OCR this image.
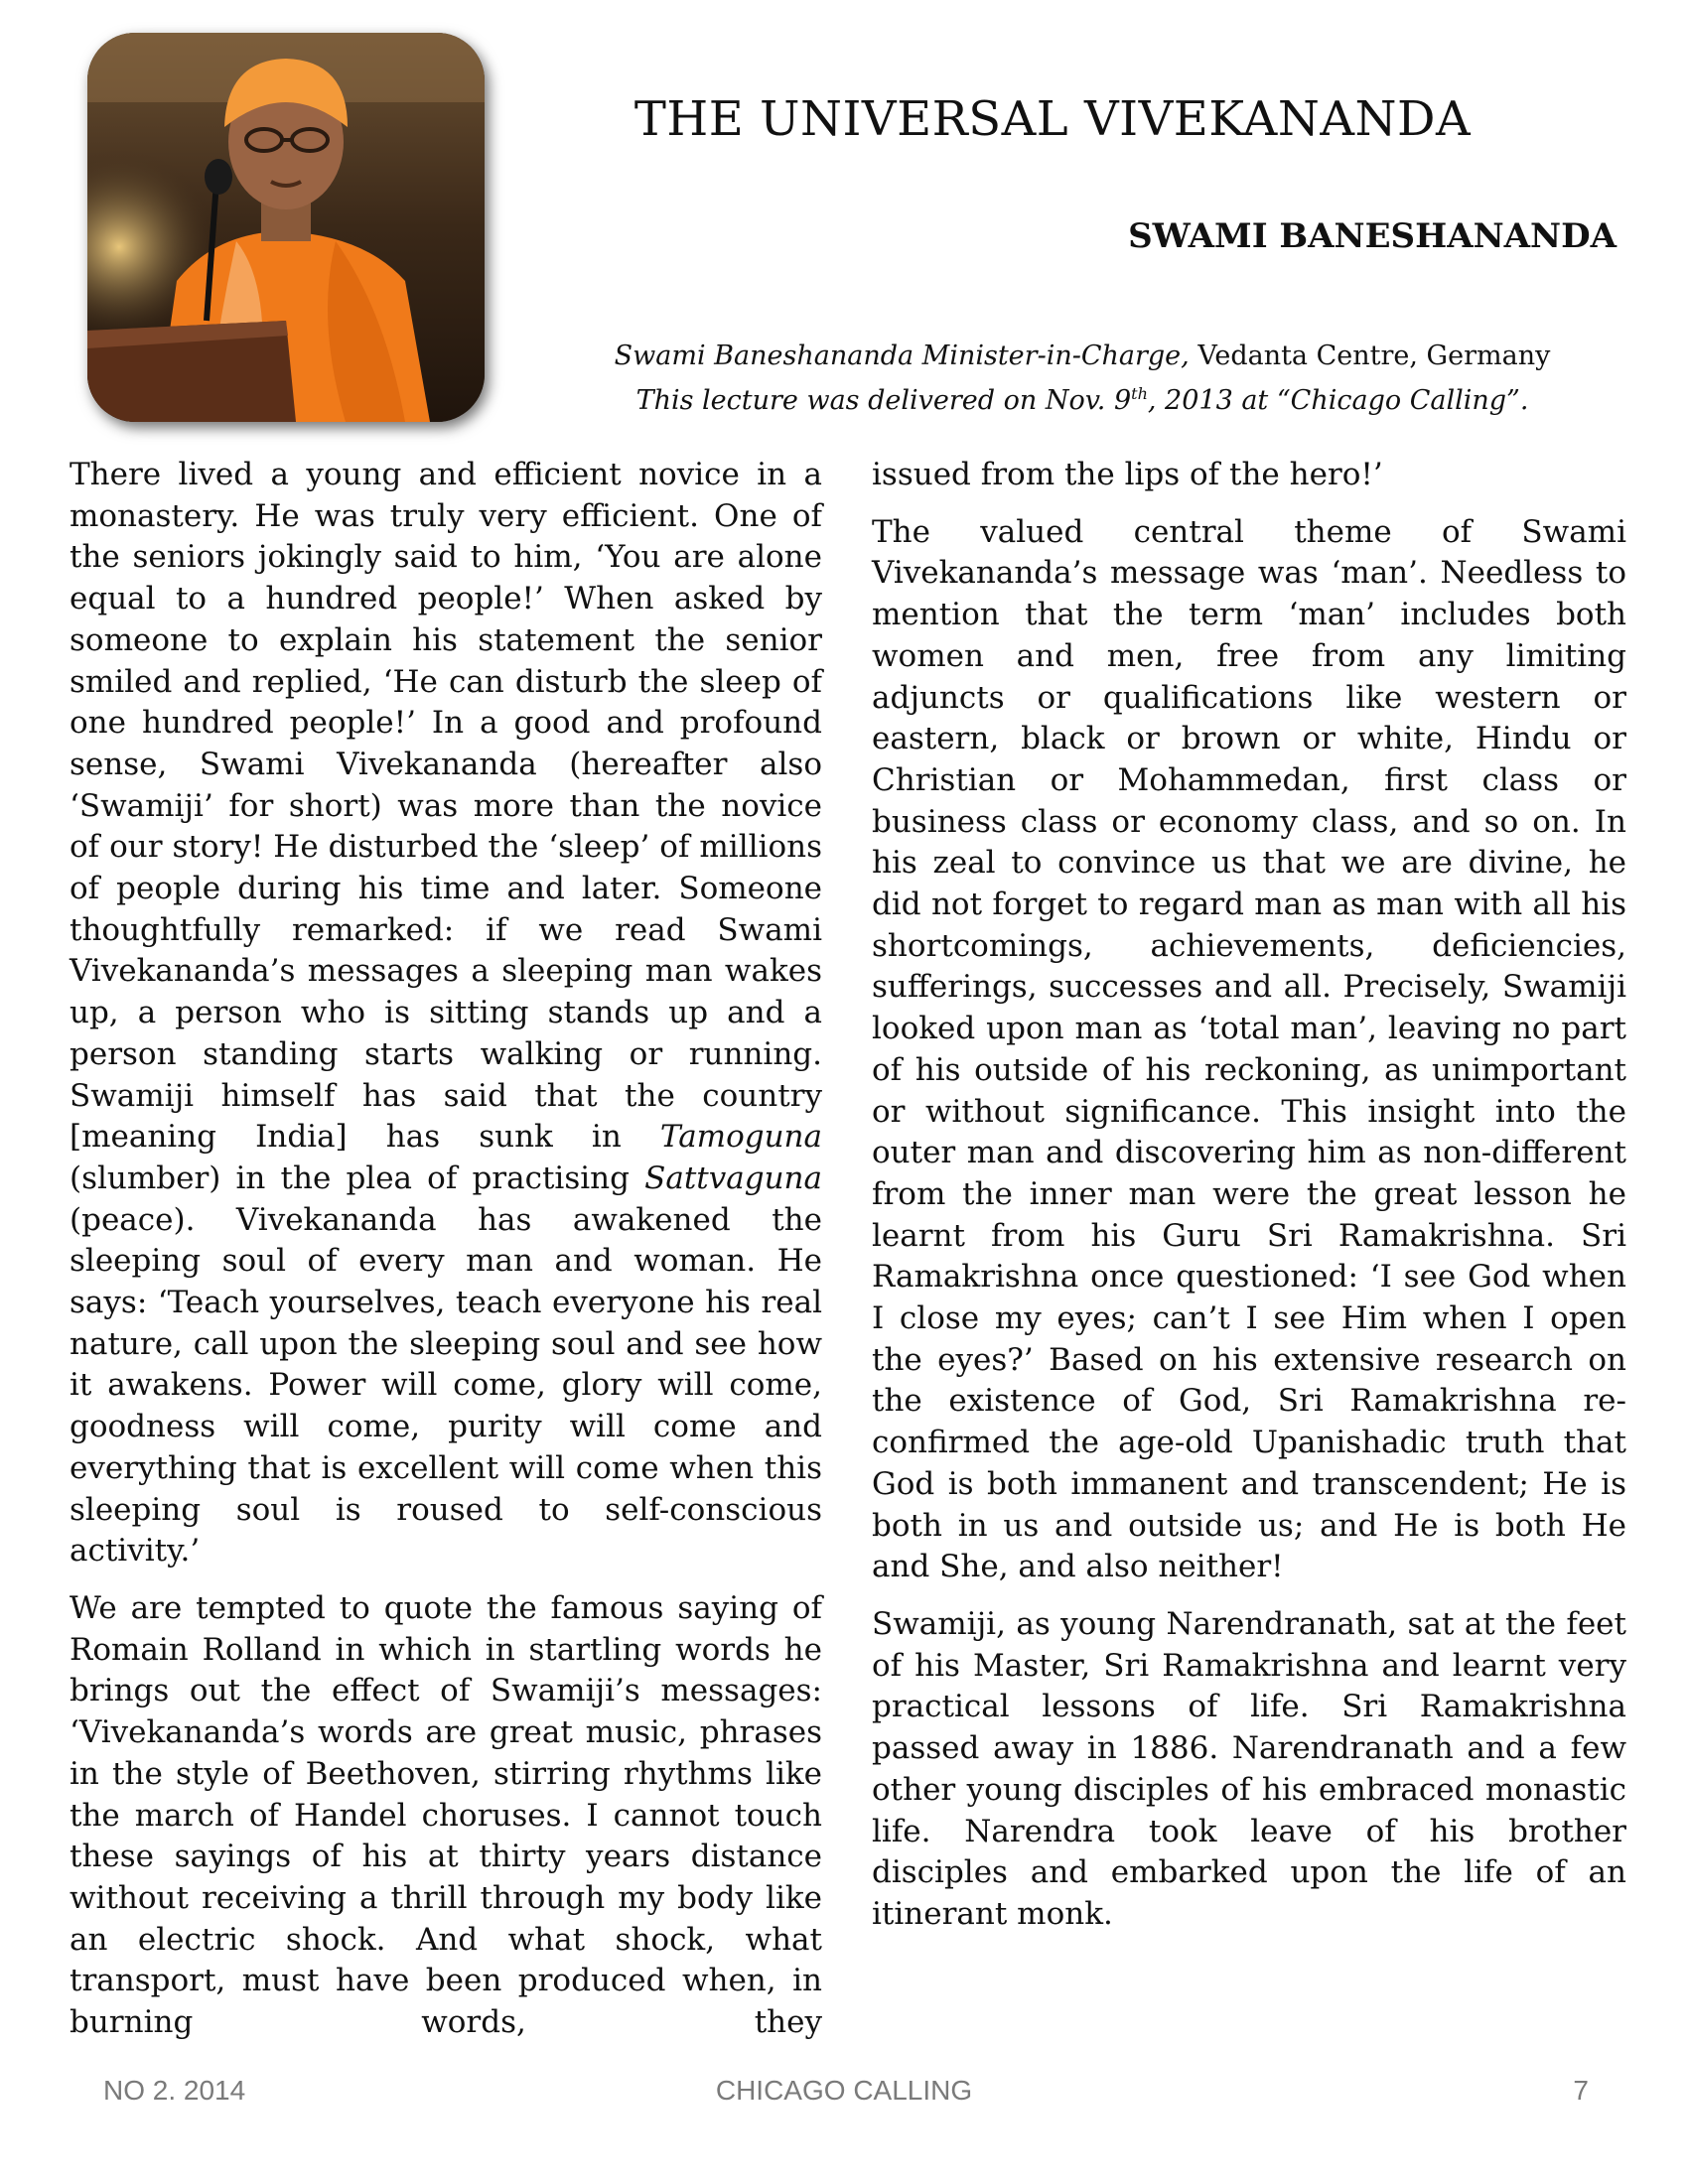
THE UNIVERSAL VIVEKANANDA
SWAMI BANESHANANDA
Swami Baneshananda Minister-in-Charge, Vedanta Centre, Germany
This lecture was delivered on Nov. 9th, 2013 at “Chicago Calling”.

There lived a young and efficient novice in a monastery. He was truly very efficient. One of the seniors jokingly said to him, ‘You are alone equal to a hundred people!’ When asked by someone to explain his statement the senior smiled and replied, ‘He can disturb the sleep of one hundred people!’ In a good and profound sense, Swami Vivekananda (hereafter also ‘Swamiji’ for short) was more than the novice of our story! He disturbed the ‘sleep’ of millions of people during his time and later. Someone thoughtfully remarked: if we read Swami Vivekananda’s messages a sleeping man wakes up, a person who is sitting stands up and a person standing starts walking or running. Swamiji himself has said that the country [meaning India] has sunk in Tamoguna (slumber) in the plea of practising Sattvaguna (peace). Vivekananda has awakened the sleeping soul of every man and woman. He says: ‘Teach yourselves, teach everyone his real nature, call upon the sleeping soul and see how it awakens. Power will come, glory will come, goodness will come, purity will come and everything that is excellent will come when this sleeping soul is roused to self-conscious activity.’

We are tempted to quote the famous saying of Romain Rolland in which in startling words he brings out the effect of Swamiji’s messages: ‘Vivekananda’s words are great music, phrases in the style of Beethoven, stirring rhythms like the march of Handel choruses. I cannot touch these sayings of his at thirty years distance without receiving a thrill through my body like an electric shock. And what shock, what transport, must have been produced when, in burning words, they

issued from the lips of the hero!’

The valued central theme of Swami Vivekananda’s message was ‘man’. Needless to mention that the term ‘man’ includes both women and men, free from any limiting adjuncts or qualifications like western or eastern, black or brown or white, Hindu or Christian or Mohammedan, first class or business class or economy class, and so on. In his zeal to convince us that we are divine, he did not forget to regard man as man with all his shortcomings, achievements, deficiencies, sufferings, successes and all. Precisely, Swamiji looked upon man as ‘total man’, leaving no part of his outside of his reckoning, as unimportant or without significance. This insight into the outer man and discovering him as non-different from the inner man were the great lesson he learnt from his Guru Sri Ramakrishna. Sri Ramakrishna once questioned: ‘I see God when I close my eyes; can’t I see Him when I open the eyes?’ Based on his extensive research on the existence of God, Sri Ramakrishna re-confirmed the age-old Upanishadic truth that God is both immanent and transcendent; He is both in us and outside us; and He is both He and She, and also neither!

Swamiji, as young Narendranath, sat at the feet of his Master, Sri Ramakrishna and learnt very practical lessons of life. Sri Ramakrishna passed away in 1886. Narendranath and a few other young disciples of his embraced monastic life. Narendra took leave of his brother disciples and embarked upon the life of an itinerant monk.

NO 2. 2014	CHICAGO CALLING	7
